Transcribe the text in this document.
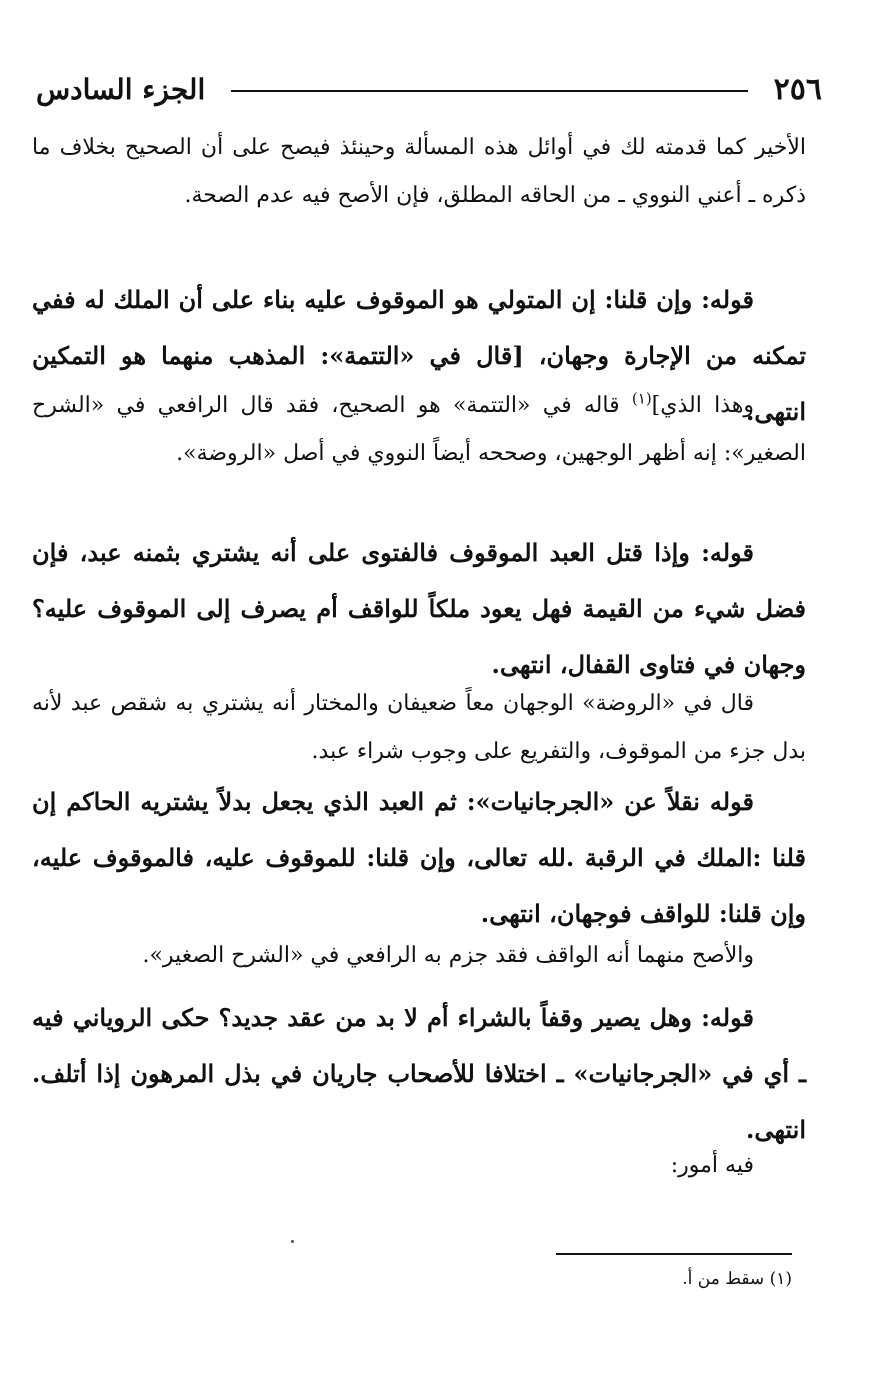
٢٥٦
الجزء السادس

الأخير كما قدمته لك في أوائل هذه المسألة وحينئذ فيصح على أن الصحيح بخلاف ما ذكره ـ أعني النووي ـ من الحاقه المطلق، فإن الأصح فيه عدم الصحة.

قوله: وإن قلنا: إن المتولي هو الموقوف عليه بناء على أن الملك له ففي تمكنه من الإجارة وجهان، [قال في «التتمة»: المذهب منهما هو التمكين انتهى.

وهذا الذي]$^{(١)}$ قاله في «التتمة» هو الصحيح، فقد قال الرافعي في «الشرح الصغير»: إنه أظهر الوجهين، وصححه أيضاً النووي في أصل «الروضة».

قوله: وإذا قتل العبد الموقوف فالفتوى على أنه يشتري بثمنه عبد، فإن فضل شيء من القيمة فهل يعود ملكاً للواقف أم يصرف إلى الموقوف عليه؟ وجهان في فتاوى القفال، انتهى.

قال في «الروضة» الوجهان معاً ضعيفان والمختار أنه يشتري به شقص عبد لأنه بدل جزء من الموقوف، والتفريع على وجوب شراء عبد.

قوله نقلاً عن «الجرجانيات»: ثم العبد الذي يجعل بدلاً يشتريه الحاكم إن قلنا :الملك في الرقبة .لله تعالى، وإن قلنا: للموقوف عليه، فالموقوف عليه، وإن قلنا: للواقف فوجهان، انتهى.

والأصح منهما أنه الواقف فقد جزم به الرافعي في «الشرح الصغير».

قوله: وهل يصير وقفاً بالشراء أم لا بد من عقد جديد؟ حكى الروياني فيه ـ أي في «الجرجانيات» ـ اختلافا للأصحاب جاريان في بذل المرهون إذا أتلف. انتهى.

فيه أمور:

(١) سقط من أ.
